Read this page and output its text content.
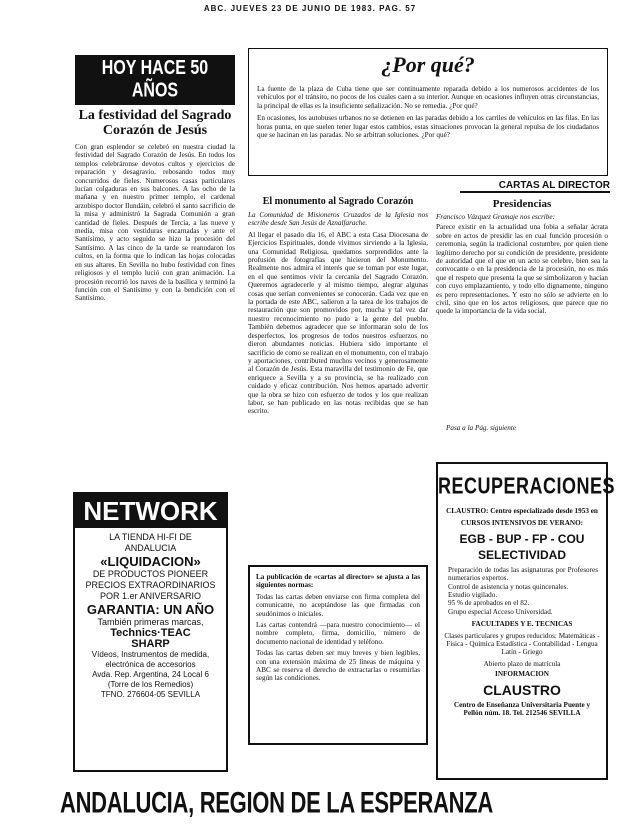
ABC. JUEVES 23 DE JUNIO DE 1983. PAG. 57
HOY HACE 50 AÑOS
La festividad del Sagrado Corazón de Jesús
Con gran esplendor se celebró en nuestra ciudad la festividad del Sagrado Corazón de Jesús. En todos los templos celebráronse devotos cultos y ejercicios de reparación y desagravio, rebosando todos muy concurridos de fieles. Numerosos casas particulares lucían colgaduras en sus balcones. A las ocho de la mañana y en nuestro primer templo, el cardenal arzobispo doctor Ilundáin, celebró el santo sacrificio de la misa y administró la Sagrada Comunión a gran cantidad de fieles. Después de Tercia, a las nueve y media, misa con vestiduras encarnadas y ante el Santísimo, y acto seguido se hizo la procesión del Santísimo. A las cinco de la tarde se reanudaron los cultos, en la forma que lo indican las hojas colocadas en sus altares. En Sevilla no hubo festividad con fines religiosos y el templo lució con gran animación. La procesión recorrió los naves de la basílica y terminó la función con el Santísimo y con la bendición con el Santísimo.
NETWORK
LA TIENDA HI-FI DE
ANDALUCIA
«LIQUIDACION»
DE PRODUCTOS PIONEER
PRECIOS EXTRAORDINARIOS
POR 1.er ANIVERSARIO
GARANTIA: UN AÑO
También primeras marcas,
Technics·TEAC
SHARP
Vídeos, Instrumentos de medida,
electrónica de accesorios
Avda. Rep. Argentina, 24 Local 6
(Torre de los Remedios)
TFNO. 276604-05 SEVILLA
¿Por qué?

La fuente de la plaza de Cuba tiene que ser continuamente reparada debido a los numerosos accidentes de los vehículos por el tránsito, no pocos de los cuales caen a su interior. Aunque en ocasiones influyen otras circunstancias, la principal de ellas es la insuficiente señalización. No se remedia. ¿Por qué?

En ocasiones, los autobuses urbanos no se detienen en las paradas debido a los carriles de vehículos en las filas. En las horas punta, en que suelen tener lugar estos cambios, estas situaciones provocan la general repulsa de los ciudadanos que se hacinan en las paradas. No se arbitran soluciones. ¿Por qué?

CARTAS AL DIRECTOR
El monumento al Sagrado Corazón
La Comunidad de Misioneros Cruzados de la Iglesia nos escribe desde San Jesús de Aznalfarache.
Al llegar el pasado día 16, el ABC a esta Casa Diocesana de Ejercicios Espirituales, donde vivimos sirviendo a la Iglesia, una Comunidad Religiosa, quedamos sorprendidos ante la profusión de fotografías que hicieron del Monumento. Realmente nos admira el interés que se toman por este lugar, en el que sentimos vivir la cercanía del Sagrado Corazón. Queremos agradecerle y al mismo tiempo, alegrar algunas cosas que serían convenientes se conocerán. Cada vez que en la portada de este ABC, salieron a la tarea de los trabajos de restauración que son promovidos por, mucha y tal vez dar nuestro reconocimiento no pudo a la gente del pueblo. También debemos agradecer que se informaran solo de los desperfectos, los progresos de todos nuestros esfuerzos no dieron abundantes noticias. Hubiera sido importante el sacrificio de como se realizan en el monumento, con el trabajo y aportaciones, contributed muchos vecinos y generosamente al Corazón de Jesús. Esta maravilla del testimonio de Fe, que enriquece a Sevilla y a su provincia, se ha realizado con cuidado y eficaz contribución. Nos hemos apartado advertir que la obra se hizo con esfuerzo de todos y los que realizan labor, se han publicado en las notas recibidas que se han escrito.
La publicación de «cartas al director» se ajusta a las siguientes normas:

Todas las cartas deben enviarse con firma completa del comunicante, no aceptándose las que firmadas con seudónimos o iniciales.

Las cartas contendrá —para nuestro conocimiento— el nombre completo, firma, domicilio, número de documento nacional de identidad y teléfono.

Todas las cartas deben ser muy breves y bien legibles, con una extensión máxima de 25 líneas de máquina y ABC se reserva el derecho de extractarlas o resumirlas según las condiciones.

Presidencias
Francisco Vázquez Gramaje nos escribe:
Parece existir en la actualidad una fobia a señalar ácrata sobre en actos de presidir las en cual función procesión o ceremonia, según la tradicional costumbre, por quien tiene legítimo derecho por su condición de presidente, presidente de autoridad que el que en un acto se celebre, bien sea la convocante o en la presidencia de la procesión, no es más que el respeto que presenta la que se simbolizaron y hacían con cuyo emplazamiento, y todo ello dignamente, ninguno es pero representaciones. Y esto no sólo se advierte en lo civil, sino que en los actos religiosos, que parece que no quede la importancia de la vida social.
Pasa a la Pág. siguiente
RECUPERACIONES
CLAUSTRO: Centro especializado desde 1953 en
CURSOS INTENSIVOS DE VERANO:
EGB - BUP - FP - COU
SELECTIVIDAD
Preparación de todas las asignaturas por Profesores numerarios expertos.
Control de asistencia y notas quincenales.
Estudio vigilado.
95 % de aprobados en el 82.
Grupo especial Acceso Universidad.
FACULTADES Y E. TECNICAS
Clases particulares y grupos reducidos: Matemáticas - Física - Química Estadística - Contabilidad - Lengua Latín - Griego
Abierto plazo de matrícula
INFORMACION
CLAUSTRO
Centro de Enseñanza Universitaria Puente y Pellón núm. 18. Tel. 212546 SEVILLA
ANDALUCIA, REGION DE LA ESPERANZA
